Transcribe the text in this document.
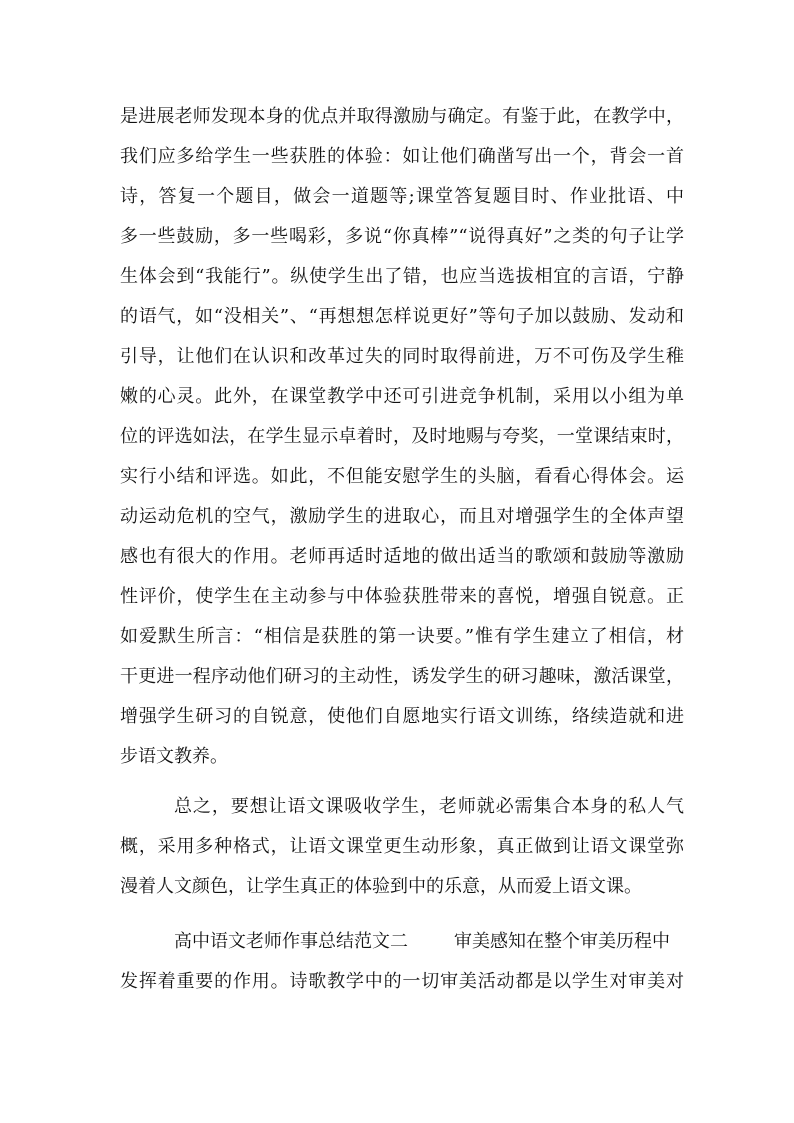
是进展老师发现本身的优点并取得激励与确定。有鉴于此，在教学中，
我们应多给学生一些获胜的体验：如让他们确凿写出一个，背会一首
诗，答复一个题目，做会一道题等;课堂答复题目时、作业批语、中
多一些鼓励，多一些喝彩，多说“你真棒”“说得真好”之类的句子让学
生体会到“我能行”。纵使学生出了错，也应当选拔相宜的言语，宁静
的语气，如“没相关”、“再想想怎样说更好”等句子加以鼓励、发动和
引导，让他们在认识和改革过失的同时取得前进，万不可伤及学生稚
嫩的心灵。此外，在课堂教学中还可引进竞争机制，采用以小组为单
位的评选如法，在学生显示卓着时，及时地赐与夸奖，一堂课结束时，
实行小结和评选。如此，不但能安慰学生的头脑，看看心得体会。运
动运动危机的空气，激励学生的进取心，而且对增强学生的全体声望
感也有很大的作用。老师再适时适地的做出适当的歌颂和鼓励等激励
性评价，使学生在主动参与中体验获胜带来的喜悦，增强自锐意。正
如爱默生所言：“相信是获胜的第一诀要。”惟有学生建立了相信，材
干更进一程序动他们研习的主动性，诱发学生的研习趣味，激活课堂，
增强学生研习的自锐意，使他们自愿地实行语文训练，络续造就和进
步语文教养。
总之，要想让语文课吸收学生，老师就必需集合本身的私人气
概，采用多种格式，让语文课堂更生动形象，真正做到让语文课堂弥
漫着人文颜色，让学生真正的体验到中的乐意，从而爱上语文课。
高中语文老师作事总结范文二	审美感知在整个审美历程中
发挥着重要的作用。诗歌教学中的一切审美活动都是以学生对审美对
